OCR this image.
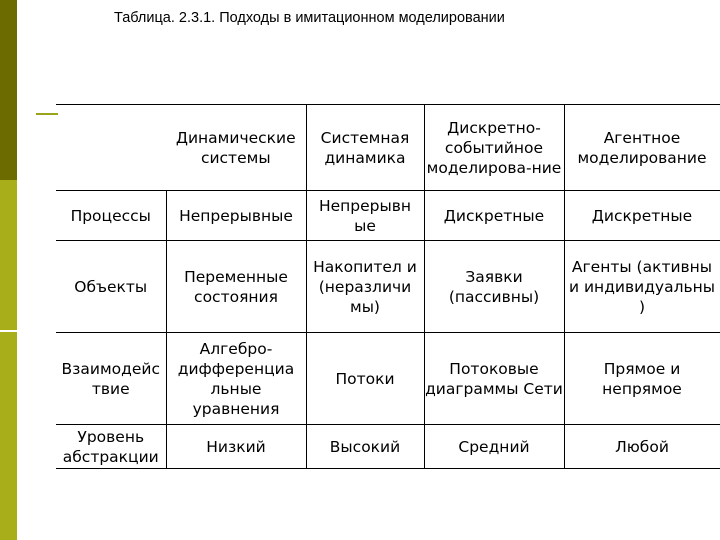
Таблица. 2.3.1. Подходы в имитационном моделировании
	Динамические системы	Системная динамика	Дискретно-событийное моделирова-ние	Агентное моделирование
Процессы	Непрерывные	Непрерывн ые	Дискретные	Дискретные
Объекты	Переменные состояния	Накопител и (неразличи мы)	Заявки (пассивны)	Агенты (активны и индивидуальны )
Взаимодейс твие	Алгебро-дифференциа льные уравнения	Потоки	Потоковые диаграммы Сети	Прямое и непрямое
Уровень абстракции	Низкий	Высокий	Средний	Любой
